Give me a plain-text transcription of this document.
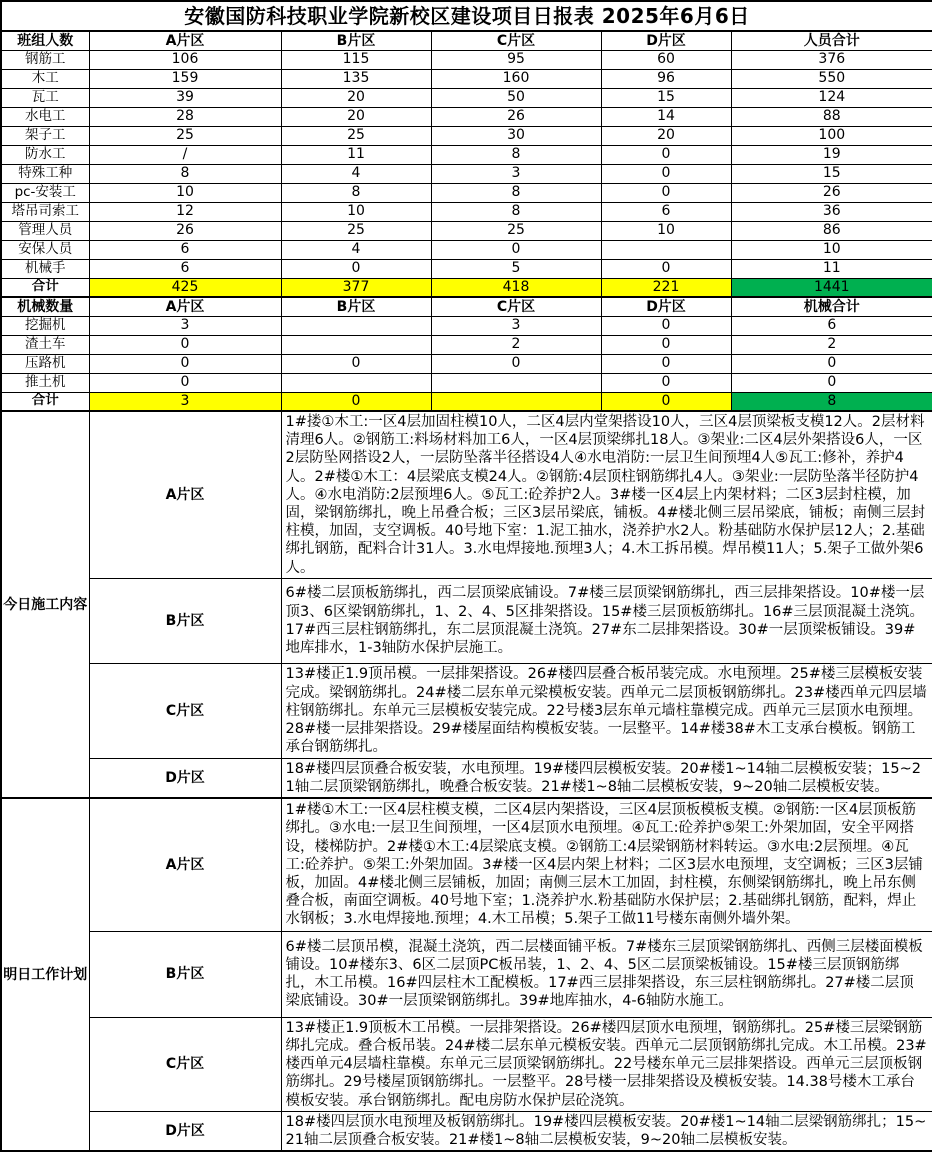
安徽国防科技职业学院新校区建设项目日报表 2025年6月6日					
班组人数	A片区	B片区	C片区	D片区	人员合计
钢筋工	106	115	95	60	376
木工	159	135	160	96	550
瓦工	39	20	50	15	124
水电工	28	20	26	14	88
架子工	25	25	30	20	100
防水工	/	11	8	0	19
特殊工种	8	4	3	0	15
pc-安装工	10	8	8	0	26
塔吊司索工	12	10	8	6	36
管理人员	26	25	25	10	86
安保人员	6	4	0		10
机械手	6	0	5	0	11
合计	425	377	418	221	1441
机械数量	A片区	B片区	C片区	D片区	机械合计
挖掘机	3		3	0	6
渣土车	0		2	0	2
压路机	0	0	0	0	0
推土机	0			0	0
合计	3	0		0	8
今日施工内容	A片区	1#搂①木工:一区4层加固柱模10人，二区4层内堂架搭设10人，三区4层顶梁板支模12人。2层材料清理6人。②钢筋工:料场材料加工6人，一区4层顶梁绑扎18人。③架业:二区4层外架搭设6人，一区2层防坠网搭设2人，一层防坠落半径搭设4人④水电消防:一层卫生间预埋4人⑤瓦工:修补，养护4人。2#楼①木工：4层梁底支模24人。②钢筋:4层顶柱钢筋绑扎4人。③架业:一层防坠落半径防护4人。④水电消防:2层预埋6人。⑤瓦工:砼养护2人。3#楼一区4层上内架材料；二区3层封柱模，加固，梁钢筋绑扎，晚上吊叠合板；三区3层吊梁底，铺板。4#楼北侧三层吊梁底，铺板；南侧三层封柱模，加固，支空调板。40号地下室：1.泥工抽水，浇养护水2人。粉基础防水保护层12人；2.基础绑扎钢筋，配料合计31人。3.水电焊接地.预埋3人；4.木工拆吊模。焊吊模11人；5.架子工做外架6人。			
	B片区	6#楼二层顶板筋绑扎，西二层顶梁底铺设。7#楼三层顶梁钢筋绑扎，西三层排架搭设。10#楼一层顶3、6区梁钢筋绑扎，1、2、4、5区排架搭设。15#楼三层顶板筋绑扎。16#三层顶混凝土浇筑。17#西三层柱钢筋绑扎，东二层顶混凝土浇筑。27#东二层排架搭设。30#一层顶梁板铺设。39#地库排水，1-3轴防水保护层施工。			
	C片区	13#楼正1.9顶吊模。一层排架搭设。26#楼四层叠合板吊装完成。水电预埋。25#楼三层模板安装完成。梁钢筋绑扎。24#楼二层东单元梁模板安装。西单元二层顶板钢筋绑扎。23#楼西单元四层墙柱钢筋绑扎。东单元三层模板安装完成。22号楼3层东单元墙柱靠模完成。西单元三层顶水电预埋。28#楼一层排架搭设。29#楼屋面结构模板安装。一层整平。14#楼38#木工支承台模板。钢筋工承台钢筋绑扎。			
	D片区	18#楼四层顶叠合板安装，水电预埋。19#楼四层模板安装。20#楼1~14轴二层模板安装；15~21轴二层顶梁钢筋绑扎，晚叠合板安装。21#楼1~8轴二层模板安装，9~20轴二层模板安装。			
明日工作计划	A片区	1#楼①木工:一区4层柱模支模，二区4层内架搭设，三区4层顶板模板支模。②钢筋:一区4层顶板筋绑扎。③水电:一层卫生间预埋，一区4层顶水电预埋。④瓦工:砼养护⑤架工:外架加固，安全平网搭设，楼梯防护。2#楼①木工:4层梁底支模。②钢筋工:4层梁钢筋材料转运。③水电:2层预埋。④瓦工:砼养护。⑤架工:外架加固。3#楼一区4层内架上材料；二区3层水电预埋，支空调板；三区3层铺板，加固。4#楼北侧三层铺板，加固；南侧三层木工加固，封柱模，东侧梁钢筋绑扎，晚上吊东侧叠合板，南面空调板。40号地下室；1.浇养护水.粉基础防水保护层；2.基础绑扎钢筋，配料，焊止水钢板；3.水电焊接地.预埋；4.木工吊模；5.架子工做11号楼东南侧外墙外架。			
	B片区	6#楼二层顶吊模，混凝土浇筑，西二层楼面铺平板。7#楼东三层顶梁钢筋绑扎、西侧三层楼面模板铺设。10#楼东3、6区二层顶PC板吊装，1、2、4、5区二层顶梁板铺设。15#楼三层顶钢筋绑扎，木工吊模。16#四层柱木工配模板。17#西三层排架搭设，东三层柱钢筋绑扎。27#楼二层顶梁底铺设。30#一层顶梁钢筋绑扎。39#地库抽水，4-6轴防水施工。			
	C片区	13#楼正1.9顶板木工吊模。一层排架搭设。26#楼四层顶水电预埋，钢筋绑扎。25#楼三层梁钢筋绑扎完成。叠合板吊装。24#楼二层东单元模板安装。西单元二层顶钢筋绑扎完成。木工吊模。23#楼西单元4层墙柱靠模。东单元三层顶梁钢筋绑扎。22号楼东单元三层排架搭设。西单元三层顶板钢筋绑扎。29号楼屋顶钢筋绑扎。一层整平。28号楼一层排架搭设及模板安装。14.38号楼木工承台模板安装。承台钢筋绑扎。配电房防水保护层砼浇筑。			
	D片区	18#楼四层顶水电预埋及板钢筋绑扎。19#楼四层模板安装。20#楼1~14轴二层梁钢筋绑扎；15~21轴二层顶叠合板安装。21#楼1~8轴二层模板安装，9~20轴二层模板安装。			
